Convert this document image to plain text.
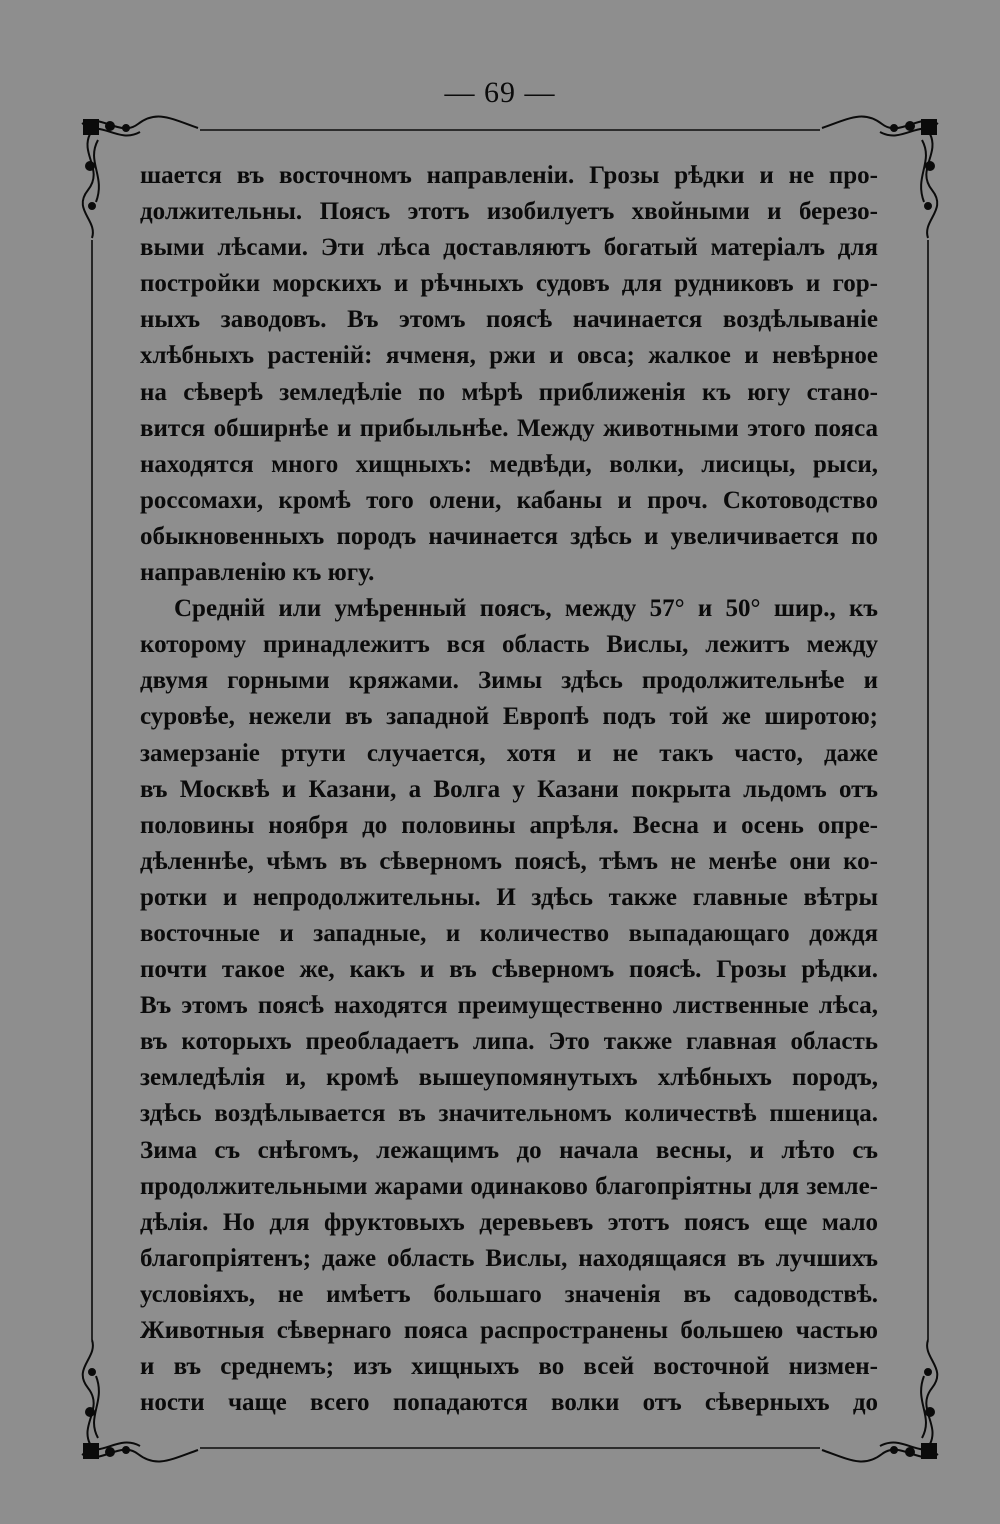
— 69 —
шается въ восточномъ направленіи. Грозы рѣдки и не про-
должительны. Поясъ этотъ изобилуетъ хвойными и березо-
выми лѣсами. Эти лѣса доставляютъ богатый матеріалъ для
постройки морскихъ и рѣчныхъ судовъ для рудниковъ и гор-
ныхъ заводовъ. Въ этомъ поясѣ начинается воздѣлываніе
хлѣбныхъ растеній: ячменя, ржи и овса; жалкое и невѣрное
на сѣверѣ земледѣліе по мѣрѣ приближенія къ югу стано-
вится обширнѣе и прибыльнѣе. Между животными этого пояса
находятся много хищныхъ: медвѣди, волки, лисицы, рыси,
россомахи, кромѣ того олени, кабаны и проч. Скотоводство
обыкновенныхъ породъ начинается здѣсь и увеличивается по
направленію къ югу.
Средній или умѣренный поясъ, между 57° и 50° шир., къ
которому принадлежитъ вся область Вислы, лежитъ между
двумя горными кряжами. Зимы здѣсь продолжительнѣе и
суровѣе, нежели въ западной Европѣ подъ той же широтою;
замерзаніе ртути случается, хотя и не такъ часто, даже
въ Москвѣ и Казани, а Волга у Казани покрыта льдомъ отъ
половины ноября до половины апрѣля. Весна и осень опре-
дѣленнѣе, чѣмъ въ сѣверномъ поясѣ, тѣмъ не менѣе они ко-
ротки и непродолжительны. И здѣсь также главные вѣтры
восточные и западные, и количество выпадающаго дождя
почти такое же, какъ и въ сѣверномъ поясѣ. Грозы рѣдки.
Въ этомъ поясѣ находятся преимущественно лиственные лѣса,
въ которыхъ преобладаетъ липа. Это также главная область
земледѣлія и, кромѣ вышеупомянутыхъ хлѣбныхъ породъ,
здѣсь воздѣлывается въ значительномъ количествѣ пшеница.
Зима съ снѣгомъ, лежащимъ до начала весны, и лѣто съ
продолжительными жарами одинаково благопріятны для земле-
дѣлія. Но для фруктовыхъ деревьевъ этотъ поясъ еще мало
благопріятенъ; даже область Вислы, находящаяся въ лучшихъ
условіяхъ, не имѣетъ большаго значенія въ садоводствѣ.
Животныя сѣвернаго пояса распространены большею частью
и въ среднемъ; изъ хищныхъ во всей восточной низмен-
ности чаще всего попадаются волки отъ сѣверныхъ до
